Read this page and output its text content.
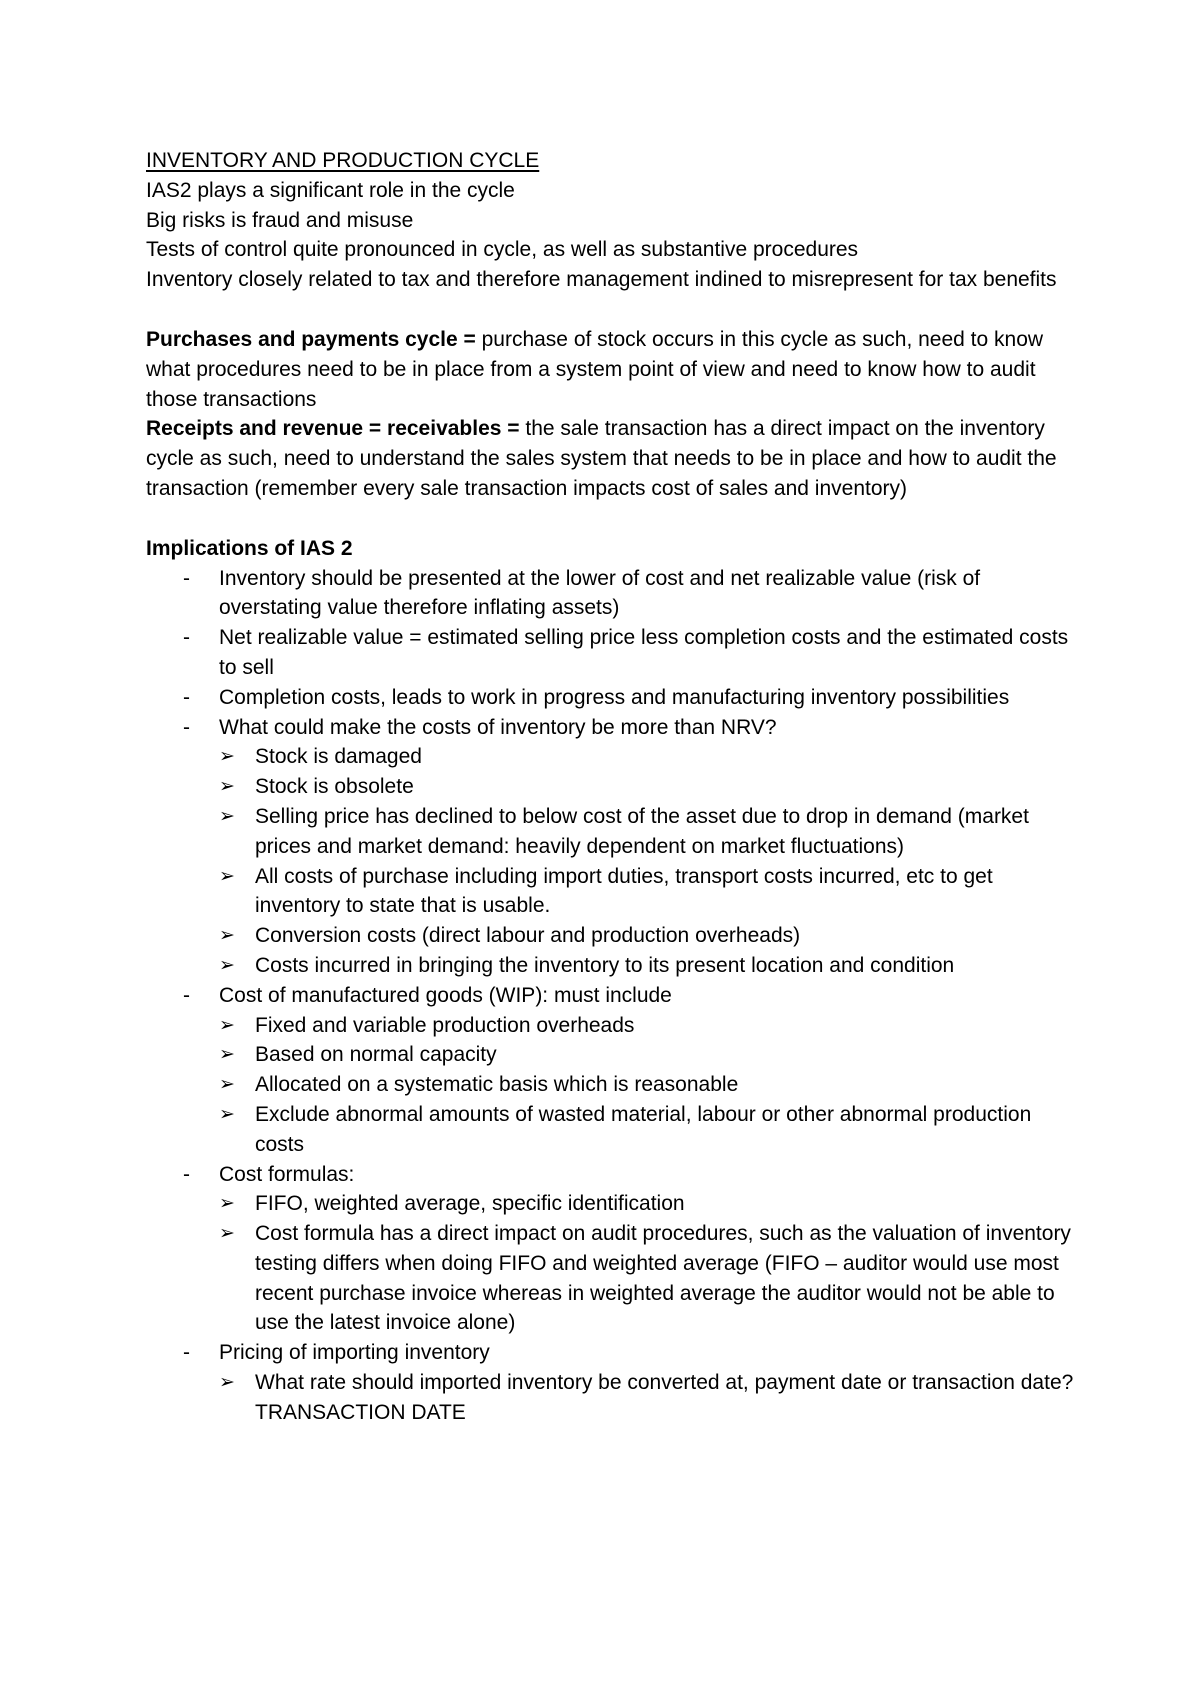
INVENTORY AND PRODUCTION CYCLE

IAS2 plays a significant role in the cycle

Big risks is fraud and misuse

Tests of control quite pronounced in cycle, as well as substantive procedures

Inventory closely related to tax and therefore management indined to misrepresent for tax benefits

Purchases and payments cycle = purchase of stock occurs in this cycle as such, need to know what procedures need to be in place from a system point of view and need to know how to audit those transactions

Receipts and revenue = receivables = the sale transaction has a direct impact on the inventory cycle as such, need to understand the sales system that needs to be in place and how to audit the transaction (remember every sale transaction impacts cost of sales and inventory)

Implications of IAS 2

- Inventory should be presented at the lower of cost and net realizable value (risk of overstating value therefore inflating assets)
- Net realizable value = estimated selling price less completion costs and the estimated costs to sell
- Completion costs, leads to work in progress and manufacturing inventory possibilities
- What could make the costs of inventory be more than NRV?
➢ Stock is damaged
➢ Stock is obsolete
➢ Selling price has declined to below cost of the asset due to drop in demand (market prices and market demand: heavily dependent on market fluctuations)
➢ All costs of purchase including import duties, transport costs incurred, etc to get inventory to state that is usable.
➢ Conversion costs (direct labour and production overheads)
➢ Costs incurred in bringing the inventory to its present location and condition
- Cost of manufactured goods (WIP): must include
➢ Fixed and variable production overheads
➢ Based on normal capacity
➢ Allocated on a systematic basis which is reasonable
➢ Exclude abnormal amounts of wasted material, labour or other abnormal production costs
- Cost formulas:
➢ FIFO, weighted average, specific identification
➢ Cost formula has a direct impact on audit procedures, such as the valuation of inventory testing differs when doing FIFO and weighted average (FIFO – auditor would use most recent purchase invoice whereas in weighted average the auditor would not be able to use the latest invoice alone)
- Pricing of importing inventory
➢ What rate should imported inventory be converted at, payment date or transaction date? TRANSACTION DATE
